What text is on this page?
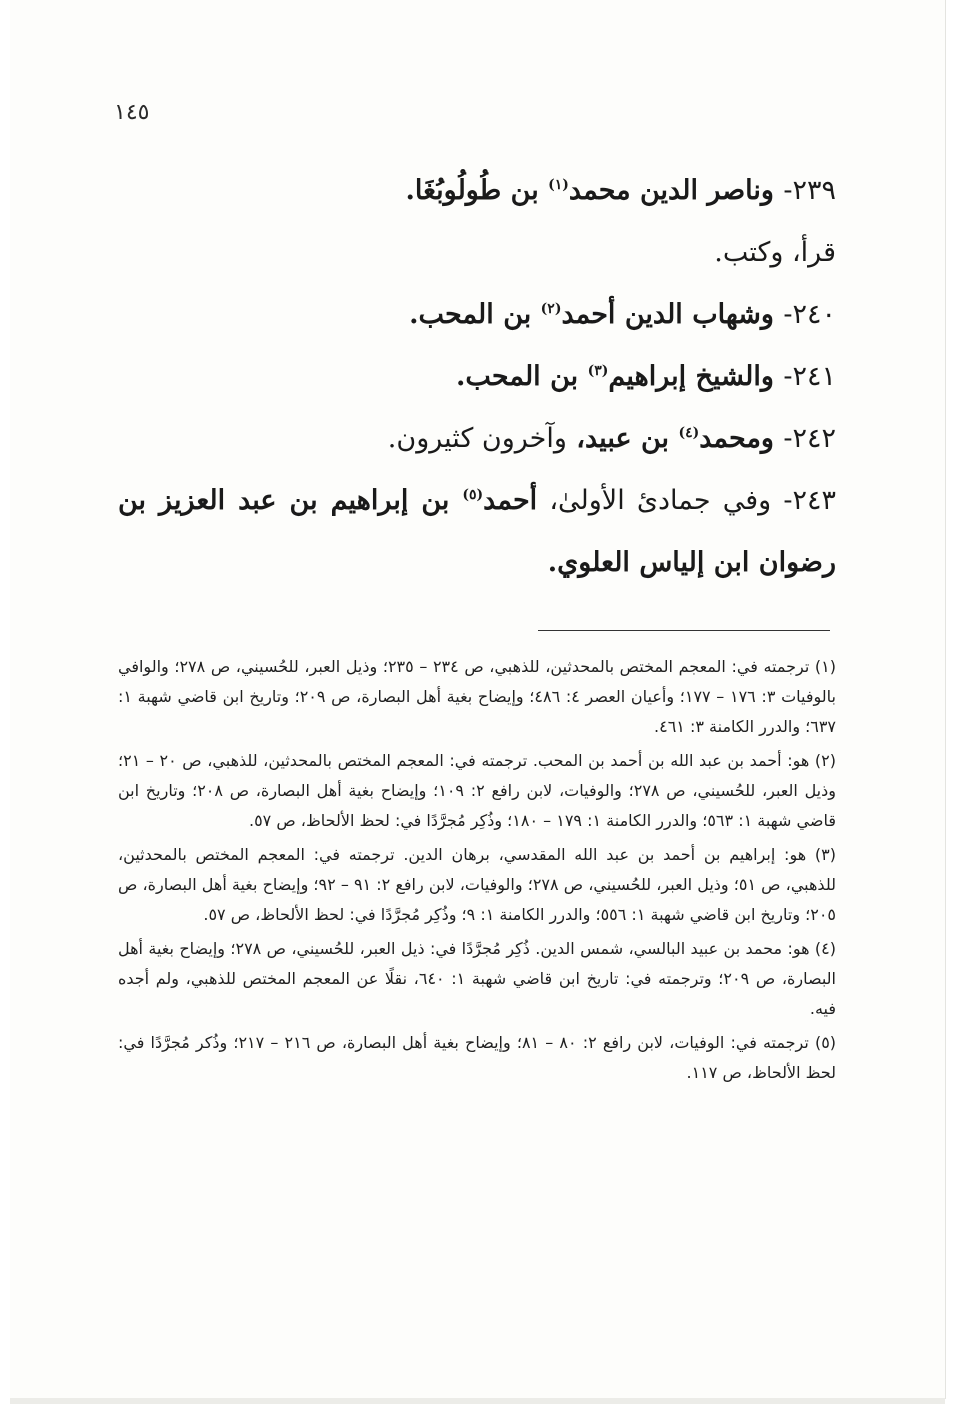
١٤٥

٢٣٩- وناصر الدين محمد$^{(١)}$ بن طُولُوبُغَا.

قرأ، وكتب.

٢٤٠- وشهاب الدين أحمد$^{(٢)}$ بن المحب.

٢٤١- والشيخ إبراهيم$^{(٣)}$ بن المحب.

٢٤٢- ومحمد$^{(٤)}$ بن عبيد، وآخرون كثيرون.

٢٤٣- وفي جمادئ الأولىٰ، أحمد$^{(٥)}$ بن إبراهيم بن عبد العزيز بن رضوان ابن إلياس العلوي.

(١) ترجمته في: المعجم المختص بالمحدثين، للذهبي، ص ٢٣٤ – ٢٣٥؛ وذيل العبر، للحُسيني، ص ٢٧٨؛ والوافي بالوفيات ٣: ١٧٦ – ١٧٧؛ وأعيان العصر ٤: ٤٨٦؛ وإيضاح بغية أهل البصارة، ص ٢٠٩؛ وتاريخ ابن قاضي شهبة ١: ٦٣٧؛ والدرر الكامنة ٣: ٤٦١.

(٢) هو: أحمد بن عبد الله بن أحمد بن المحب. ترجمته في: المعجم المختص بالمحدثين، للذهبي، ص ٢٠ – ٢١؛ وذيل العبر، للحُسيني، ص ٢٧٨؛ والوفيات، لابن رافع ٢: ١٠٩؛ وإيضاح بغية أهل البصارة، ص ٢٠٨؛ وتاريخ ابن قاضي شهبة ١: ٥٦٣؛ والدرر الكامنة ١: ١٧٩ – ١٨٠؛ وذُكِر مُجرَّدًا في: لحظ الألحاظ، ص ٥٧.

(٣) هو: إبراهيم بن أحمد بن عبد الله المقدسي، برهان الدين. ترجمته في: المعجم المختص بالمحدثين، للذهبي، ص ٥١؛ وذيل العبر، للحُسيني، ص ٢٧٨؛ والوفيات، لابن رافع ٢: ٩١ – ٩٢؛ وإيضاح بغية أهل البصارة، ص ٢٠٥؛ وتاريخ ابن قاضي شهبة ١: ٥٥٦؛ والدرر الكامنة ١: ٩؛ وذُكِر مُجرَّدًا في: لحظ الألحاظ، ص ٥٧.

(٤) هو: محمد بن عبيد البالسي، شمس الدين. ذُكِر مُجرَّدًا في: ذيل العبر، للحُسيني، ص ٢٧٨؛ وإيضاح بغية أهل البصارة، ص ٢٠٩؛ وترجمته في: تاريخ ابن قاضي شهبة ١: ٦٤٠، نقلًا عن المعجم المختص للذهبي، ولم أجده فيه.

(٥) ترجمته في: الوفيات، لابن رافع ٢: ٨٠ – ٨١؛ وإيضاح بغية أهل البصارة، ص ٢١٦ – ٢١٧؛ وذُكر مُجرَّدًا في: لحظ الألحاظ، ص ١١٧.
